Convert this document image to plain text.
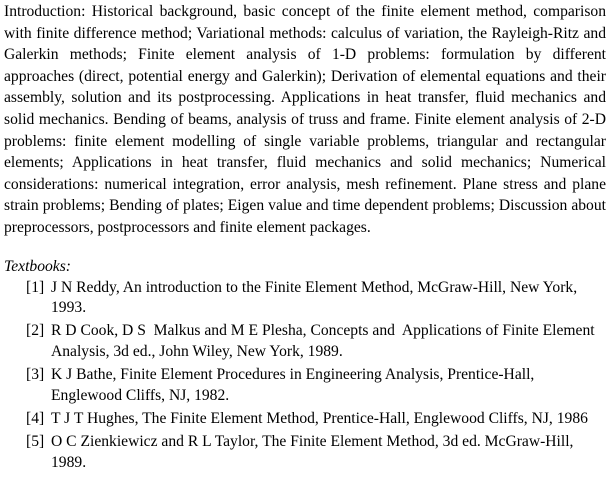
Introduction: Historical background, basic concept of the finite element method, comparison with finite difference method; Variational methods: calculus of variation, the Rayleigh-Ritz and Galerkin methods; Finite element analysis of 1-D problems: formulation by different approaches (direct, potential energy and Galerkin); Derivation of elemental equations and their assembly, solution and its postprocessing. Applications in heat transfer, fluid mechanics and solid mechanics. Bending of beams, analysis of truss and frame. Finite element analysis of 2-D problems: finite element modelling of single variable problems, triangular and rectangular elements; Applications in heat transfer, fluid mechanics and solid mechanics; Numerical considerations: numerical integration, error analysis, mesh refinement. Plane stress and plane strain problems; Bending of plates; Eigen value and time dependent problems; Discussion about preprocessors, postprocessors and finite element packages.

Textbooks:
[1] J N Reddy, An introduction to the Finite Element Method, McGraw-Hill, New York, 1993.
[2] R D Cook, D S  Malkus and M E Plesha, Concepts and  Applications of Finite Element Analysis, 3d ed., John Wiley, New York, 1989.
[3] K J Bathe, Finite Element Procedures in Engineering Analysis, Prentice-Hall, Englewood Cliffs, NJ, 1982.
[4] T J T Hughes, The Finite Element Method, Prentice-Hall, Englewood Cliffs, NJ, 1986
[5] O C Zienkiewicz and R L Taylor, The Finite Element Method, 3d ed. McGraw-Hill, 1989.
